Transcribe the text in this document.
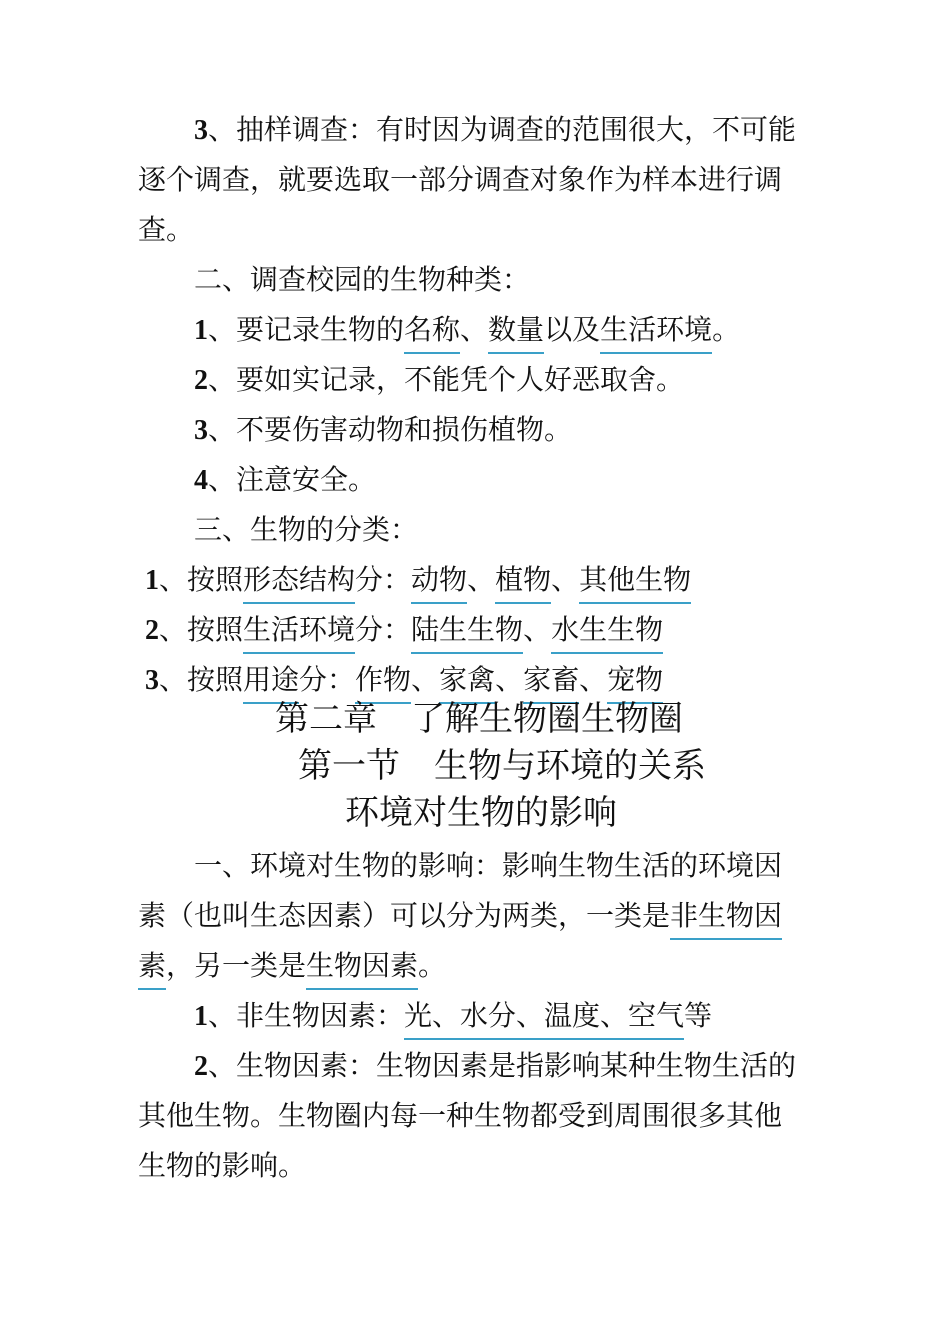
3、抽样调查：有时因为调查的范围很大，不可能
逐个调查，就要选取一部分调查对象作为样本进行调
查。
二、调查校园的生物种类：
1、要记录生物的名称、数量以及生活环境。
2、要如实记录，不能凭个人好恶取舍。
3、不要伤害动物和损伤植物。
4、注意安全。
三、生物的分类：
1、按照形态结构分：动物、植物、其他生物
2、按照生活环境分：陆生生物、水生生物
3、按照用途分：作物、家禽、家畜、宠物
第二章　了解生物圈生物圈
第一节　生物与环境的关系
环境对生物的影响
一、环境对生物的影响：影响生物生活的环境因
素（也叫生态因素）可以分为两类，一类是非生物因
素，另一类是生物因素。
1、非生物因素：光、水分、温度、空气等
2、生物因素：生物因素是指影响某种生物生活的
其他生物。生物圈内每一种生物都受到周围很多其他
生物的影响。
